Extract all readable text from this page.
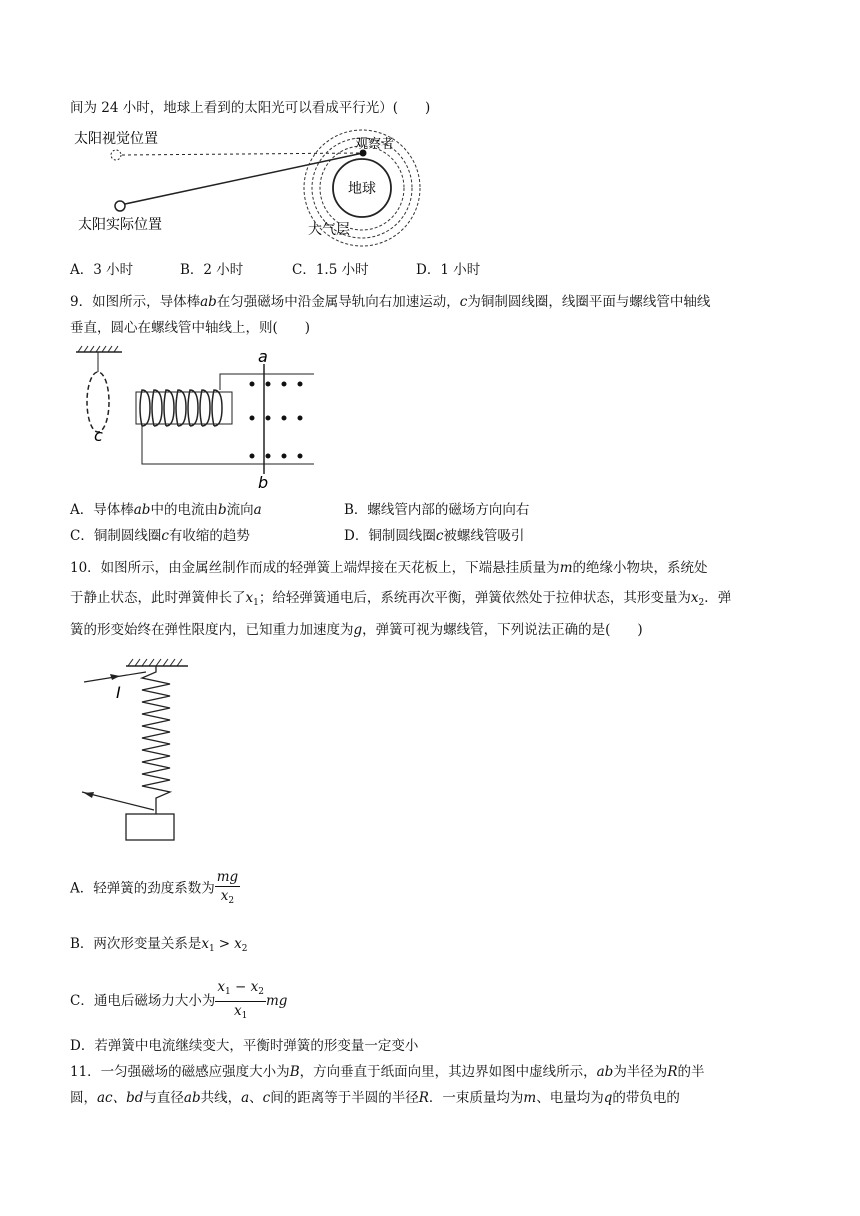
间为 24 小时，地球上看到的太阳光可以看成平行光）(　　)
太阳视觉位置
太阳实际位置
地球
观察者
大气层
A．3 小时	B．2 小时	C．1.5 小时	D．1 小时
9．如图所示，导体棒ab在匀强磁场中沿金属导轨向右加速运动，c为铜制圆线圈，线圈平面与螺线管中轴线
垂直，圆心在螺线管中轴线上，则(　　)
c
a
b
A．导体棒ab中的电流由b流向a	B．螺线管内部的磁场方向向右
C．铜制圆线圈c有收缩的趋势	D．铜制圆线圈c被螺线管吸引
10．如图所示，由金属丝制作而成的轻弹簧上端焊接在天花板上，下端悬挂质量为m的绝缘小物块，系统处
于静止状态，此时弹簧伸长了$x_1$；给轻弹簧通电后，系统再次平衡，弹簧依然处于拉伸状态，其形变量为$x_2$．弹
簧的形变始终在弹性限度内，已知重力加速度为g，弹簧可视为螺线管，下列说法正确的是(　　)
I
A．轻弹簧的劲度系数为 $\frac{mg}{x_2}$
B．两次形变量关系是$x_1 > x_2$
C．通电后磁场力大小为 $\frac{x_1 - x_2}{x_1}$ mg
D．若弹簧中电流继续变大，平衡时弹簧的形变量一定变小
11．一匀强磁场的磁感应强度大小为B，方向垂直于纸面向里，其边界如图中虚线所示，ab为半径为R的半
圆，ac、bd与直径ab共线，a、c间的距离等于半圆的半径R．一束质量均为m、电量均为q的带负电的
